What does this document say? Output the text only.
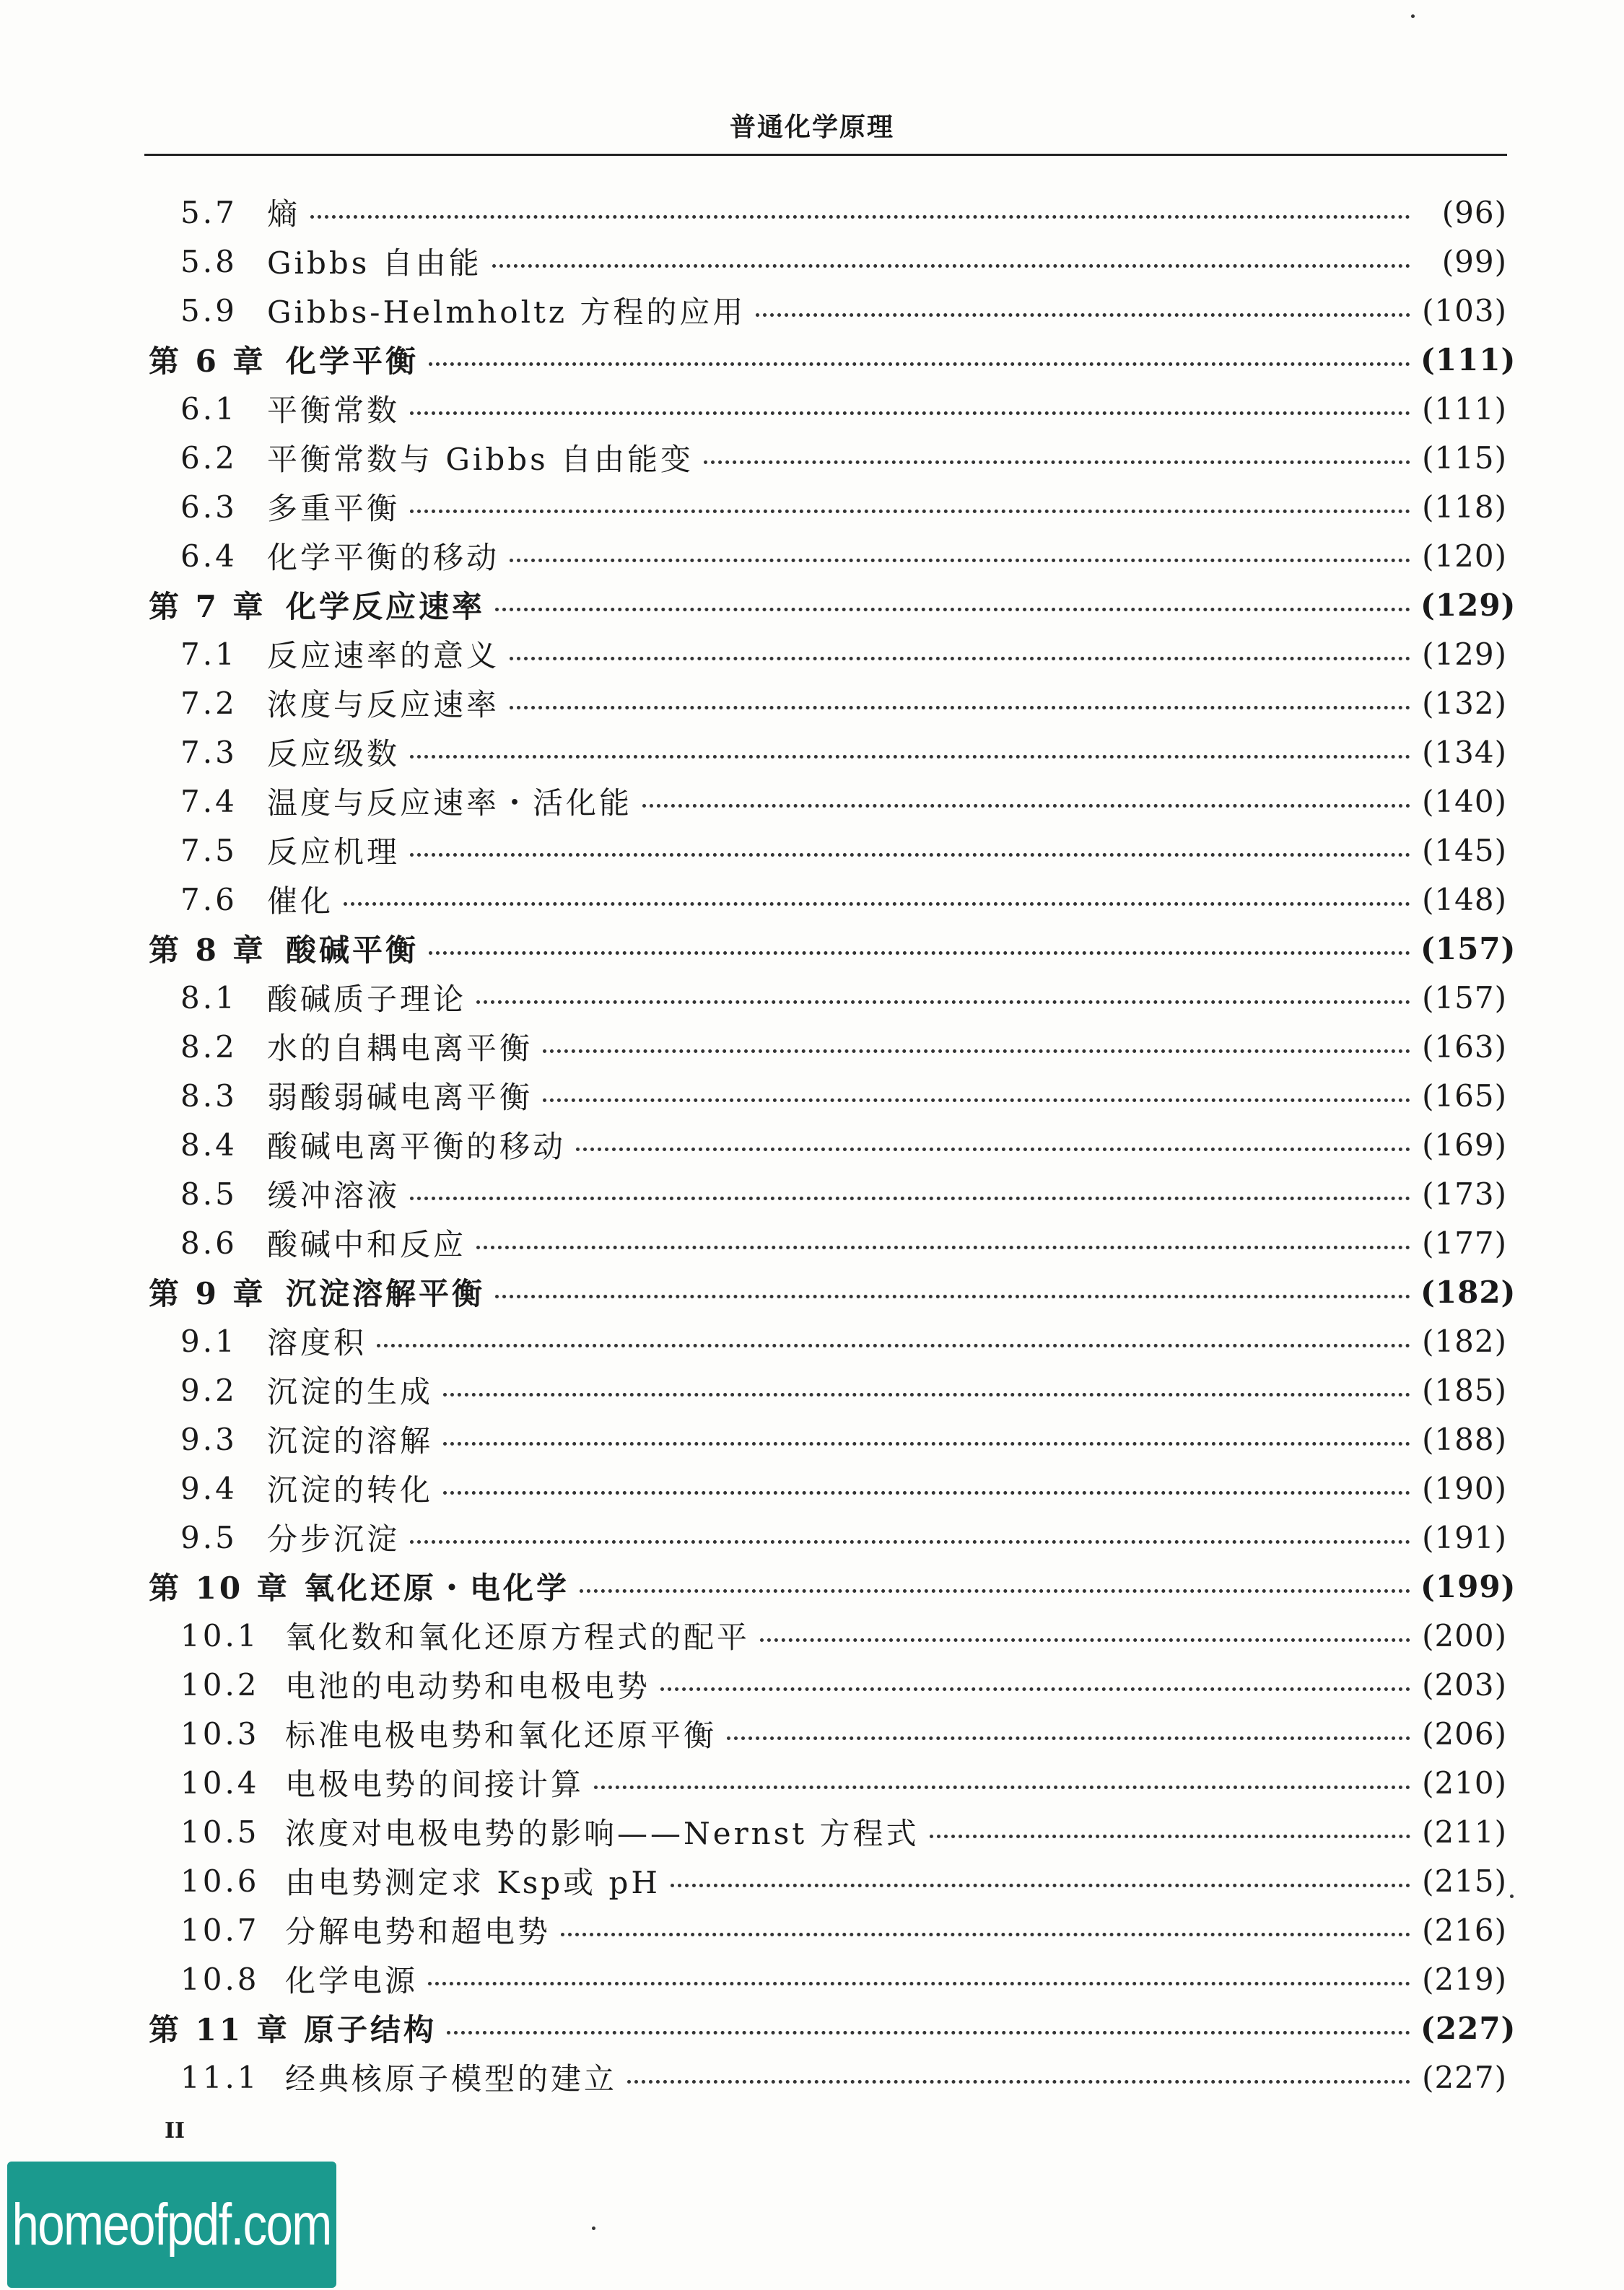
普通化学原理
5.7 熵	(96)
5.8 Gibbs 自由能	(99)
5.9 Gibbs-Helmholtz 方程的应用	(103)
第 6 章 化学平衡	(111)
6.1 平衡常数	(111)
6.2 平衡常数与 Gibbs 自由能变	(115)
6.3 多重平衡	(118)
6.4 化学平衡的移动	(120)
第 7 章 化学反应速率	(129)
7.1 反应速率的意义	(129)
7.2 浓度与反应速率	(132)
7.3 反应级数	(134)
7.4 温度与反应速率・活化能	(140)
7.5 反应机理	(145)
7.6 催化	(148)
第 8 章 酸碱平衡	(157)
8.1 酸碱质子理论	(157)
8.2 水的自耦电离平衡	(163)
8.3 弱酸弱碱电离平衡	(165)
8.4 酸碱电离平衡的移动	(169)
8.5 缓冲溶液	(173)
8.6 酸碱中和反应	(177)
第 9 章 沉淀溶解平衡	(182)
9.1 溶度积	(182)
9.2 沉淀的生成	(185)
9.3 沉淀的溶解	(188)
9.4 沉淀的转化	(190)
9.5 分步沉淀	(191)
第 10 章 氧化还原・电化学	(199)
10.1 氧化数和氧化还原方程式的配平	(200)
10.2 电池的电动势和电极电势	(203)
10.3 标准电极电势和氧化还原平衡	(206)
10.4 电极电势的间接计算	(210)
10.5 浓度对电极电势的影响——Nernst 方程式	(211)
10.6 由电势测定求 Ksp或 pH	(215)
10.7 分解电势和超电势	(216)
10.8 化学电源	(219)
第 11 章 原子结构	(227)
11.1 经典核原子模型的建立	(227)
II
homeofpdf.com
